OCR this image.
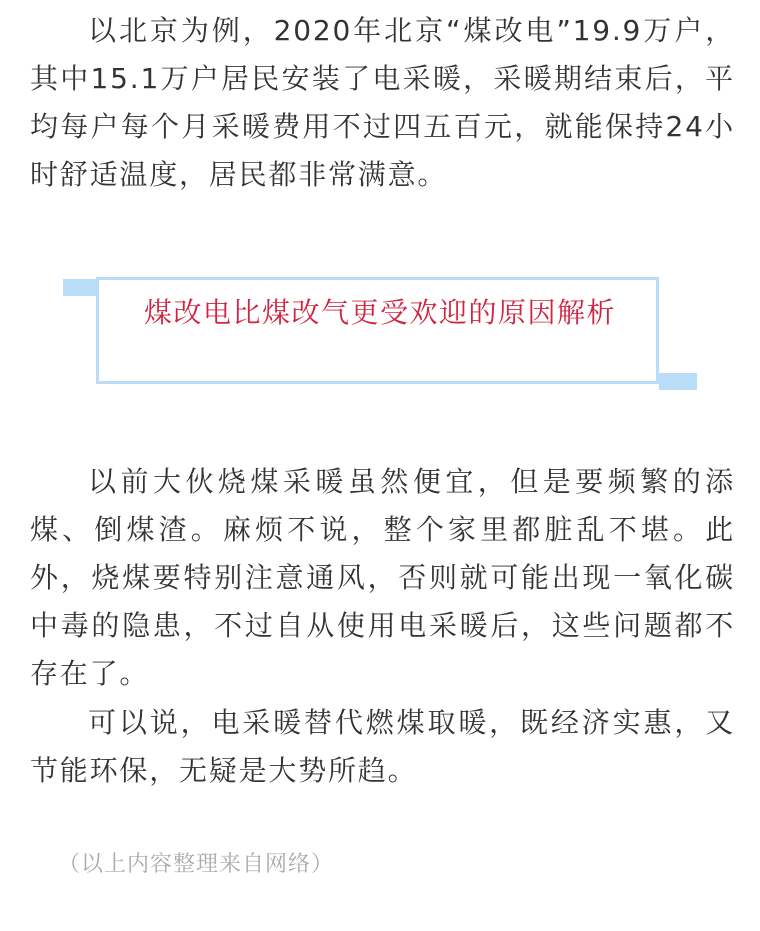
以北京为例，2020年北京“煤改电”19.9万户，其中15.1万户居民安装了电采暖，采暖期结束后，平均每户每个月采暖费用不过四五百元，就能保持24小时舒适温度，居民都非常满意。

煤改电比煤改气更受欢迎的原因解析

以前大伙烧煤采暖虽然便宜，但是要频繁的添煤、倒煤渣。麻烦不说，整个家里都脏乱不堪。此外，烧煤要特别注意通风，否则就可能出现一氧化碳中毒的隐患，不过自从使用电采暖后，这些问题都不存在了。

可以说，电采暖替代燃煤取暖，既经济实惠，又节能环保，无疑是大势所趋。

（以上内容整理来自网络）
